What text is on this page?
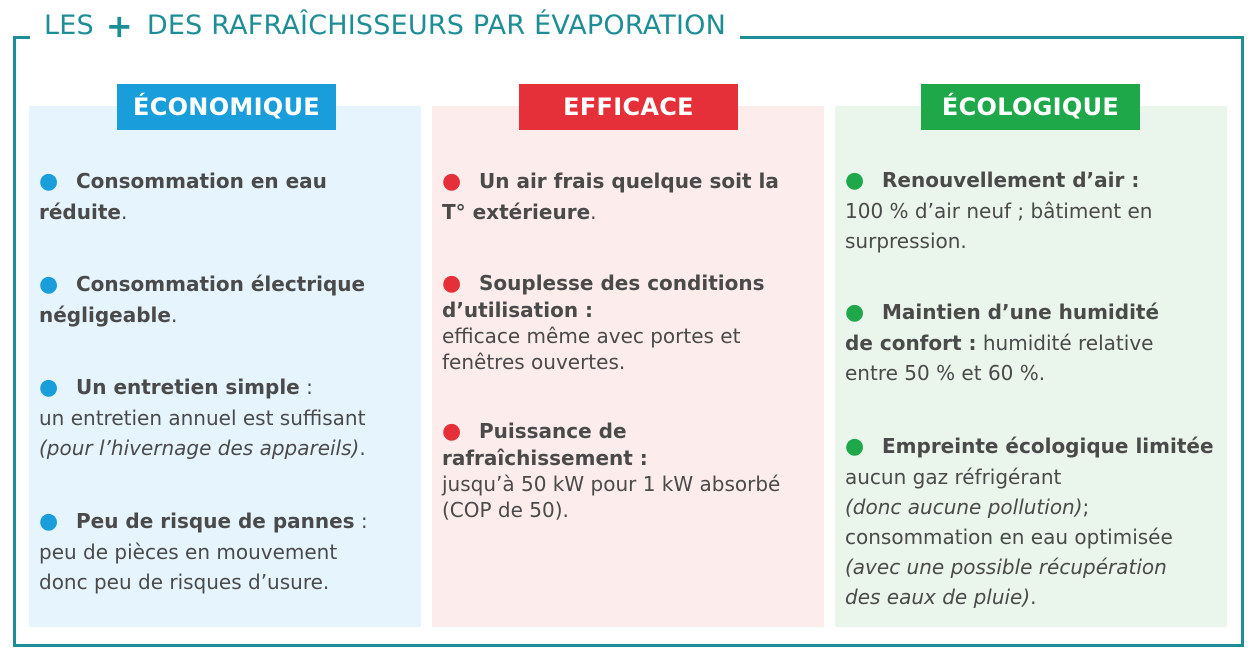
LES + DES RAFRAÎCHISSEURS PAR ÉVAPORATION
● Consommation en eau
réduite.
● Consommation électrique
négligeable.
● Un entretien simple :
un entretien annuel est suffisant
(pour l’hivernage des appareils).
● Peu de risque de pannes :
peu de pièces en mouvement
donc peu de risques d’usure.
ÉCONOMIQUE
● Un air frais quelque soit la
T° extérieure.
● Souplesse des conditions
d’utilisation :
efficace même avec portes et
fenêtres ouvertes.
● Puissance de
rafraîchissement :
jusqu’à 50 kW pour 1 kW absorbé
(COP de 50).
EFFICACE
● Renouvellement d’air :
100 % d’air neuf ; bâtiment en
surpression.
● Maintien d’une humidité
de confort : humidité relative
entre 50 % et 60 %.
● Empreinte écologique limitée
aucun gaz réfrigérant
(donc aucune pollution);
consommation en eau optimisée
(avec une possible récupération
des eaux de pluie).
ÉCOLOGIQUE
